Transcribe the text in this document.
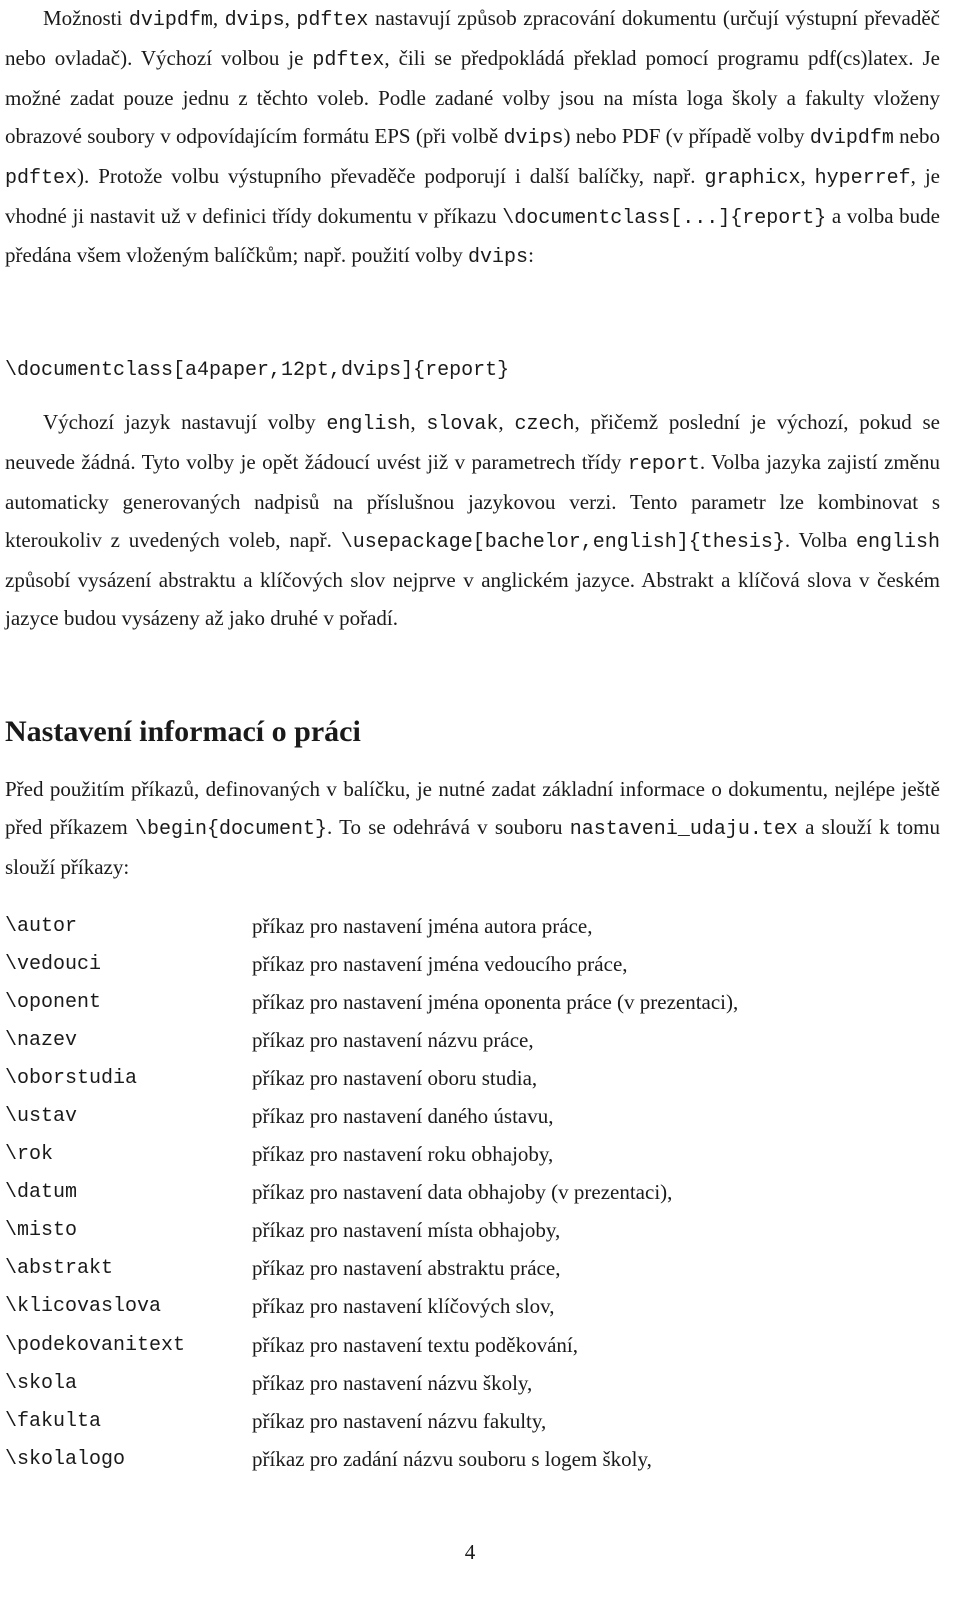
Možnosti dvipdfm, dvips, pdftex nastavují způsob zpracování dokumentu (určují výstupní převaděč nebo ovladač). Výchozí volbou je pdftex, čili se předpokládá překlad pomocí programu pdf(cs)latex. Je možné zadat pouze jednu z těchto voleb. Podle zadané volby jsou na místa loga školy a fakulty vloženy obrazové soubory v odpovídajícím formátu EPS (při volbě dvips) nebo PDF (v případě volby dvipdfm nebo pdftex). Protože volbu výstupního převaděče podporují i další balíčky, např. graphicx, hyperref, je vhodné ji nastavit už v definici třídy dokumentu v příkazu \documentclass[...]{report} a volba bude předána všem vloženým balíčkům; např. použití volby dvips:

\documentclass[a4paper,12pt,dvips]{report}

Výchozí jazyk nastavují volby english, slovak, czech, přičemž poslední je výchozí, pokud se neuvede žádná. Tyto volby je opět žádoucí uvést již v parametrech třídy report. Volba jazyka zajistí změnu automaticky generovaných nadpisů na příslušnou jazykovou verzi. Tento parametr lze kombinovat s kteroukoliv z uvedených voleb, např. \usepackage[bachelor,english]{thesis}. Volba english způsobí vysázení abstraktu a klíčových slov nejprve v anglickém jazyce. Abstrakt a klíčová slova v českém jazyce budou vysázeny až jako druhé v pořadí.

Nastavení informací o práci

Před použitím příkazů, definovaných v balíčku, je nutné zadat základní informace o dokumentu, nejlépe ještě před příkazem \begin{document}. To se odehrává v souboru nastaveni_udaju.tex a slouží k tomu slouží příkazy:

\autor	příkaz pro nastavení jména autora práce,
\vedouci	příkaz pro nastavení jména vedoucího práce,
\oponent	příkaz pro nastavení jména oponenta práce (v prezentaci),
\nazev	příkaz pro nastavení názvu práce,
\oborstudia	příkaz pro nastavení oboru studia,
\ustav	příkaz pro nastavení daného ústavu,
\rok	příkaz pro nastavení roku obhajoby,
\datum	příkaz pro nastavení data obhajoby (v prezentaci),
\misto	příkaz pro nastavení místa obhajoby,
\abstrakt	příkaz pro nastavení abstraktu práce,
\klicovaslova	příkaz pro nastavení klíčových slov,
\podekovanitext	příkaz pro nastavení textu poděkování,
\skola	příkaz pro nastavení názvu školy,
\fakulta	příkaz pro nastavení názvu fakulty,
\skolalogo	příkaz pro zadání názvu souboru s logem školy,
4
